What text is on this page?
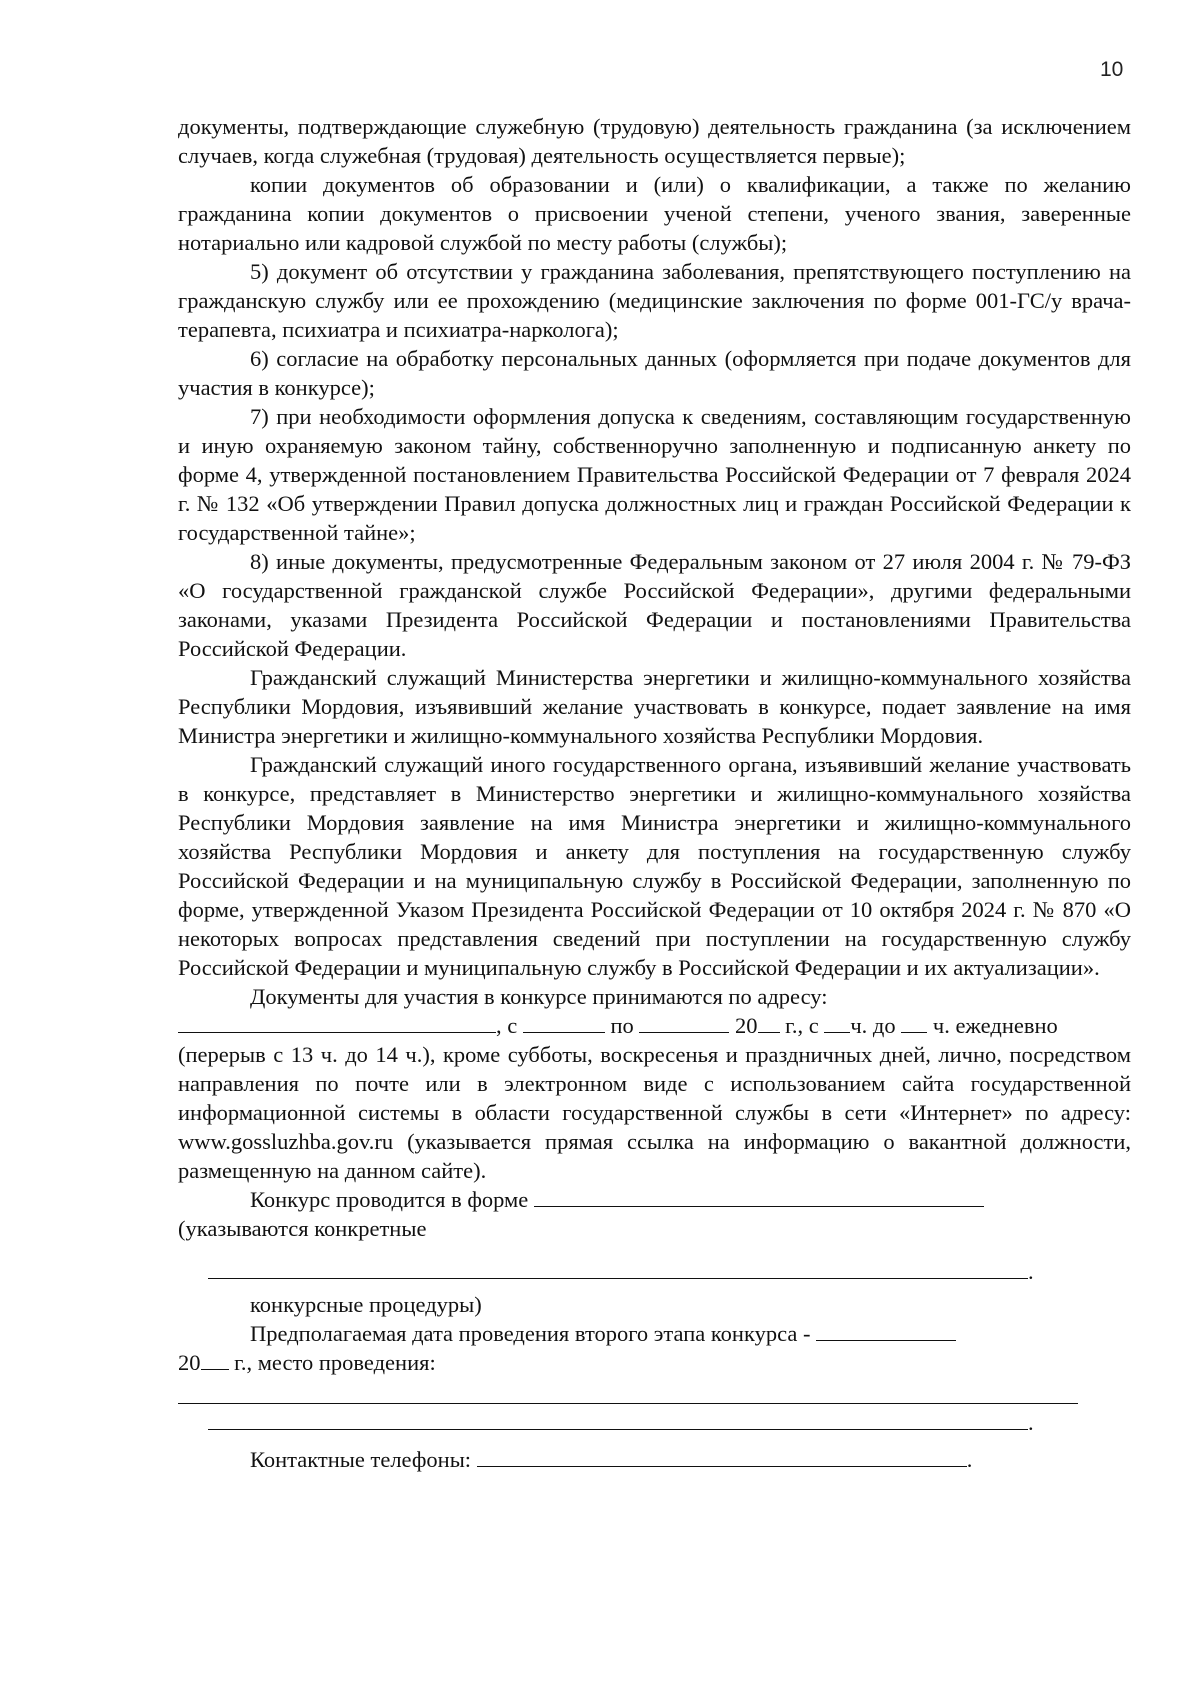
10

документы, подтверждающие служебную (трудовую) деятельность гражданина (за исключением случаев, когда служебная (трудовая) деятельность осуществляется первые);

копии документов об образовании и (или) о квалификации, а также по желанию гражданина копии документов о присвоении ученой степени, ученого звания, заверенные нотариально или кадровой службой по месту работы (службы);

5) документ об отсутствии у гражданина заболевания, препятствующего поступлению на гражданскую службу или ее прохождению (медицинские заключения по форме 001-ГС/у врача-терапевта, психиатра и психиатра-нарколога);

6) согласие на обработку персональных данных (оформляется при подаче документов для участия в конкурсе);

7) при необходимости оформления допуска к сведениям, составляющим государственную и иную охраняемую законом тайну, собственноручно заполненную и подписанную анкету по форме 4, утвержденной постановлением Правительства Российской Федерации от 7 февраля 2024 г. № 132 «Об утверждении Правил допуска должностных лиц и граждан Российской Федерации к государственной тайне»;

8) иные документы, предусмотренные Федеральным законом от 27 июля 2004 г. № 79-ФЗ «О государственной гражданской службе Российской Федерации», другими федеральными законами, указами Президента Российской Федерации и постановлениями Правительства Российской Федерации.

Гражданский служащий Министерства энергетики и жилищно-коммунального хозяйства Республики Мордовия, изъявивший желание участвовать в конкурсе, подает заявление на имя Министра энергетики и жилищно-коммунального хозяйства Республики Мордовия.

Гражданский служащий иного государственного органа, изъявивший желание участвовать в конкурсе, представляет в Министерство энергетики и жилищно-коммунального хозяйства Республики Мордовия заявление на имя Министра энергетики и жилищно-коммунального хозяйства Республики Мордовия и анкету для поступления на государственную службу Российской Федерации и на муниципальную службу в Российской Федерации, заполненную по форме, утвержденной Указом Президента Российской Федерации от 10 октября 2024 г. № 870 «О некоторых вопросах представления сведений при поступлении на государственную службу Российской Федерации и муниципальную службу в Российской Федерации и их актуализации».

Документы для участия в конкурсе принимаются по адресу:

, с	по	20 г., с ч. до ч. ежедневно

(перерыв с 13 ч. до 14 ч.), кроме субботы, воскресенья и праздничных дней, лично, посредством направления по почте или в электронном виде с использованием сайта государственной информационной системы в области государственной службы в сети «Интернет» по адресу: www.gossluzhba.gov.ru (указывается прямая ссылка на информацию о вакантной должности, размещенную на данном сайте).

Конкурс проводится в форме

(указываются конкретные

.

конкурсные процедуры)

Предполагаемая дата проведения второго этапа конкурса -

20 г., место проведения:

.

Контактные телефоны:	.
